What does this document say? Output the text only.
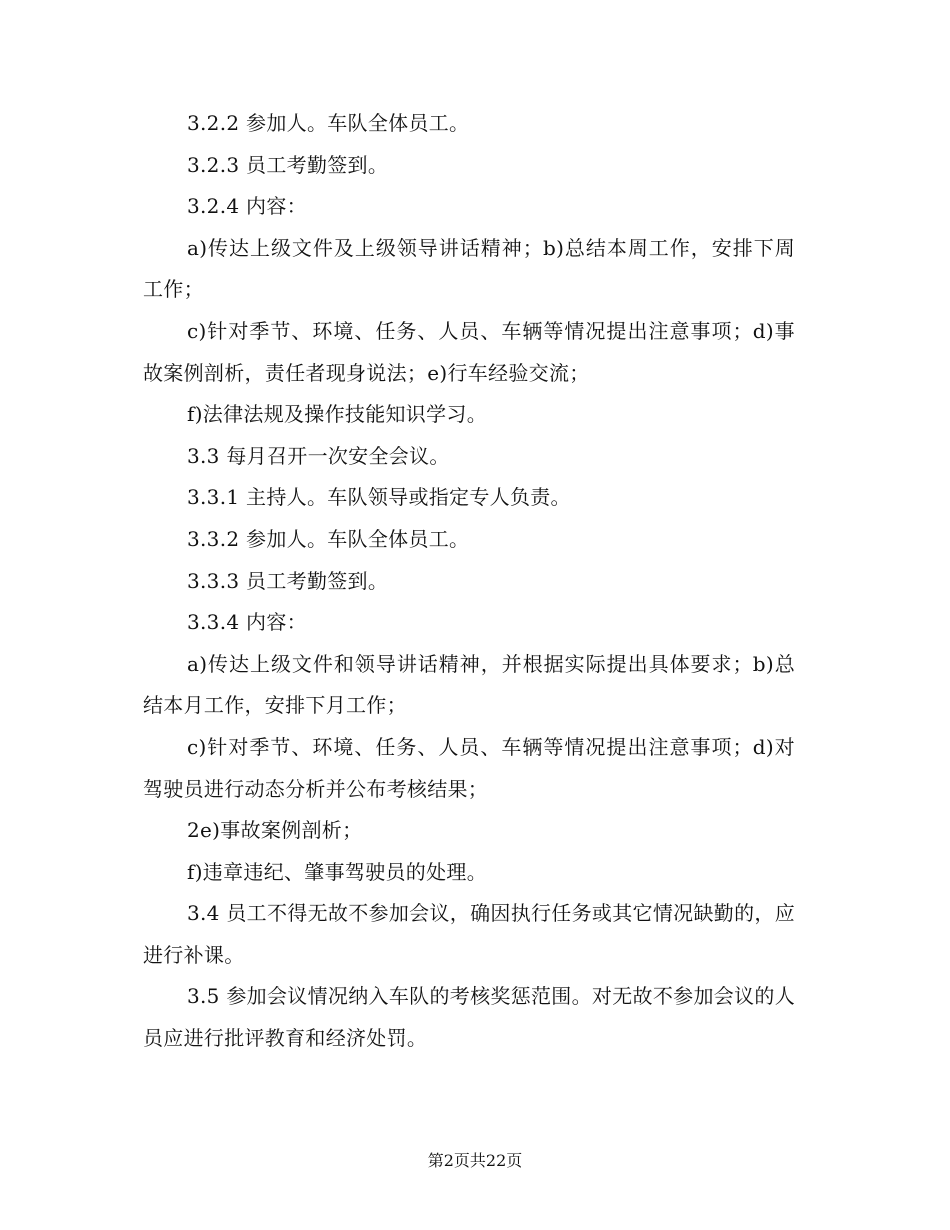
3.2.2 参加人。车队全体员工。

3.2.3 员工考勤签到。

3.2.4 内容：

a)传达上级文件及上级领导讲话精神；b)总结本周工作，安排下周工作；

c)针对季节、环境、任务、人员、车辆等情况提出注意事项；d)事故案例剖析，责任者现身说法；e)行车经验交流；

f)法律法规及操作技能知识学习。

3.3 每月召开一次安全会议。

3.3.1 主持人。车队领导或指定专人负责。

3.3.2 参加人。车队全体员工。

3.3.3 员工考勤签到。

3.3.4 内容：

a)传达上级文件和领导讲话精神，并根据实际提出具体要求；b)总结本月工作，安排下月工作；

c)针对季节、环境、任务、人员、车辆等情况提出注意事项；d)对驾驶员进行动态分析并公布考核结果；

2e)事故案例剖析；

f)违章违纪、肇事驾驶员的处理。

3.4 员工不得无故不参加会议，确因执行任务或其它情况缺勤的，应进行补课。

3.5 参加会议情况纳入车队的考核奖惩范围。对无故不参加会议的人员应进行批评教育和经济处罚。

第2页共22页
